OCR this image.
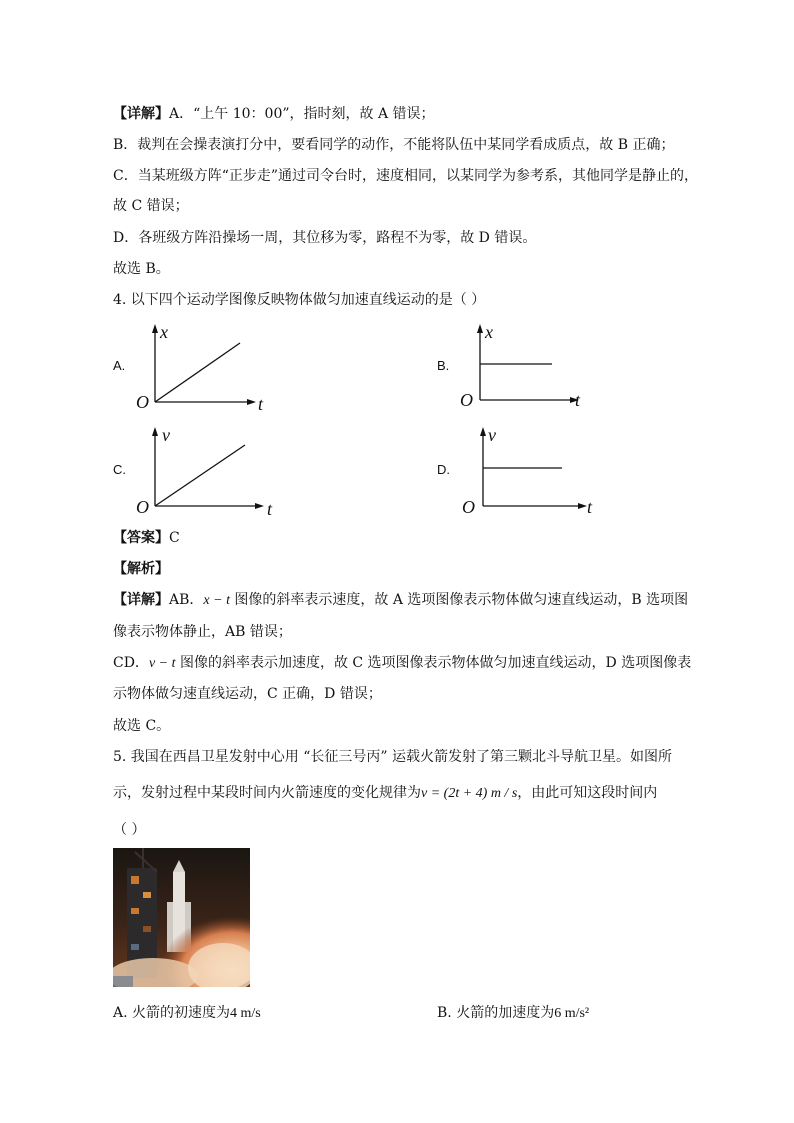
【详解】A．“上午 10：00”，指时刻，故 A 错误；
B．裁判在会操表演打分中，要看同学的动作，不能将队伍中某同学看成质点，故 B 正确；
C．当某班级方阵“正步走”通过司令台时，速度相同，以某同学为参考系，其他同学是静止的，
故 C 错误；
D．各班级方阵沿操场一周，其位移为零，路程不为零，故 D 错误。
故选 B。
4. 以下四个运动学图像反映物体做匀加速直线运动的是（ ）
A.
x
t
O
B.
x
t
O
C.
v
t
O
D.
v
t
O
【答案】C
【解析】
【详解】AB．x − t 图像的斜率表示速度，故 A 选项图像表示物体做匀速直线运动，B 选项图
像表示物体静止，AB 错误；
CD．v − t 图像的斜率表示加速度，故 C 选项图像表示物体做匀加速直线运动，D 选项图像表
示物体做匀速直线运动，C 正确，D 错误；
故选 C。
5. 我国在西昌卫星发射中心用 “长征三号丙” 运载火箭发射了第三颗北斗导航卫星。如图所
示，发射过程中某段时间内火箭速度的变化规律为v = (2t + 4) m / s，由此可知这段时间内
（ ）
A. 火箭的初速度为4 m/s	B. 火箭的加速度为6 m/s²
